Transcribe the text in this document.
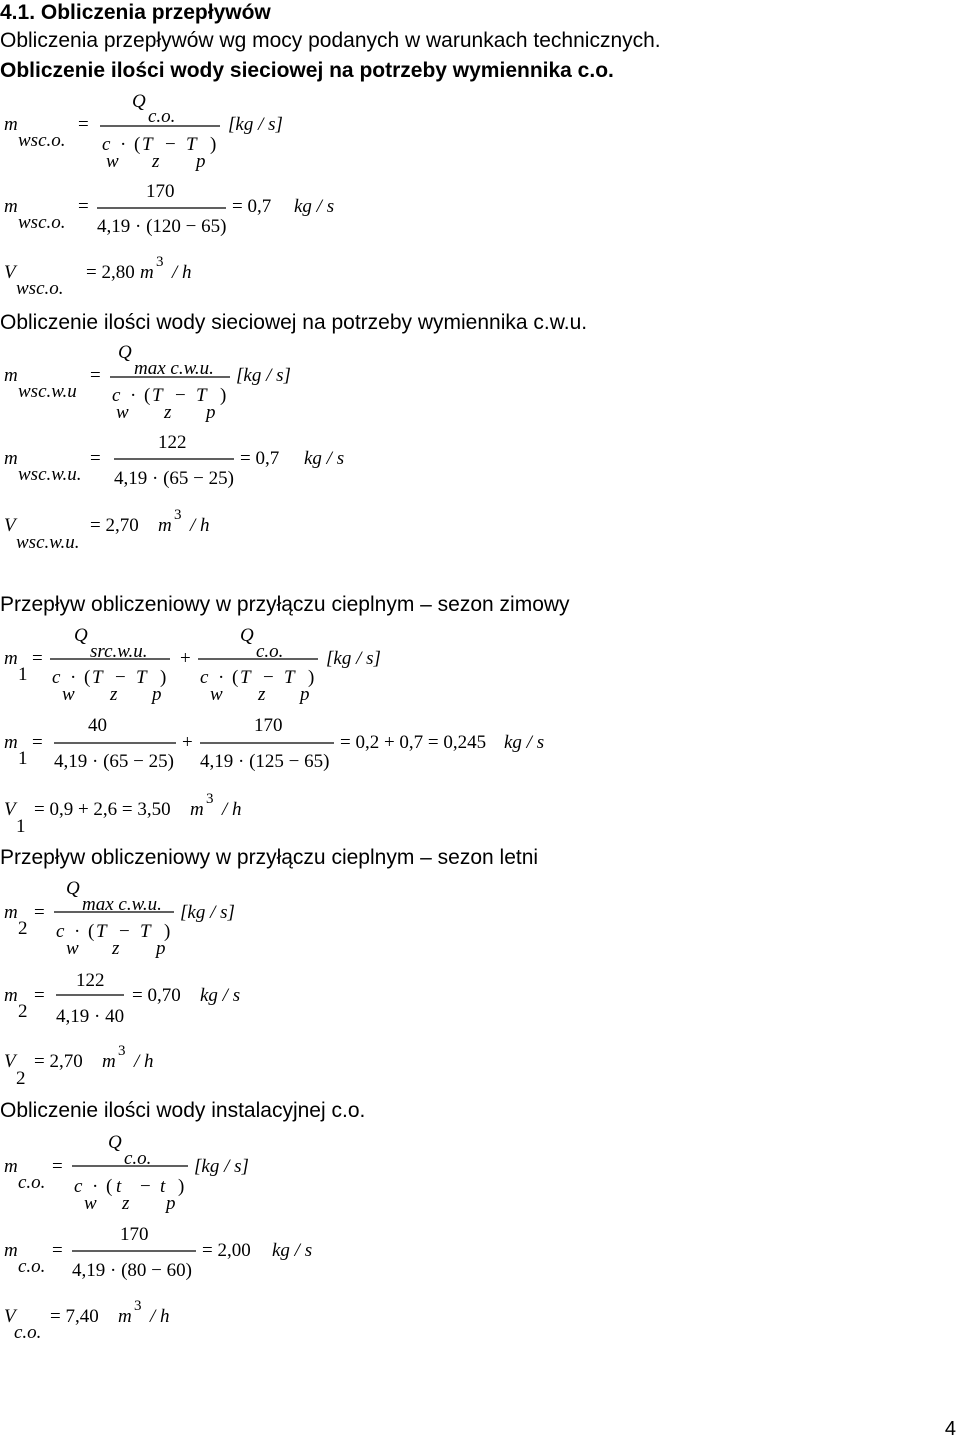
4.1. Obliczenia przepływów
Obliczenia przepływów wg mocy podanych w warunkach technicznych.
Obliczenie ilości wody sieciowej na potrzeby wymiennika c.o.
Obliczenie ilości wody sieciowej na potrzeby wymiennika c.w.u.
Przepływ obliczeniowy w przyłączu cieplnym – sezon zimowy
Przepływ obliczeniowy w przyłączu cieplnym – sezon letni
Obliczenie ilości wody instalacyjnej c.o.
m
wsc.o.
=
Q
c.o.	[kg / s]
c · ( T − T )
w z p
m
wsc.o.
=
170
4,19 · (120 − 65)
= 0,7 kg / s
V
wsc.o.
= 2,80 m 3 / h
m
wsc.w.u
=
Q
max c.w.u. [kg / s]
c · ( T − T )
w z p
m
wsc.w.u.
=
122
4,19 · (65 − 25)
= 0,7 kg / s
V
wsc.w.u.
= 2,70 m 3 / h
m
1
=
Q
src.w.u.
c · ( T − T )
w z p
+
Q
c.o. [kg / s]
c · ( T − T )
w z p
m
1
=
40
4,19 · (65 − 25)
+
170
4,19 · (125 − 65)
= 0,2 + 0,7 = 0,245 kg / s
V
1
= 0,9 + 2,6 = 3,50 m 3 / h
m
2
=
Q
max c.w.u. [kg / s]
c · ( T − T )
w z p
m
2
=
122
4,19 · 40
= 0,70 kg / s
V
2
= 2,70 m 3 / h
m
c.o.
=
Q
c.o. [kg / s]
c · ( t − t )
w z p
m
c.o.
=
170
4,19 · (80 − 60)
= 2,00 kg / s
V
c.o.
= 7,40 m 3 / h
4
